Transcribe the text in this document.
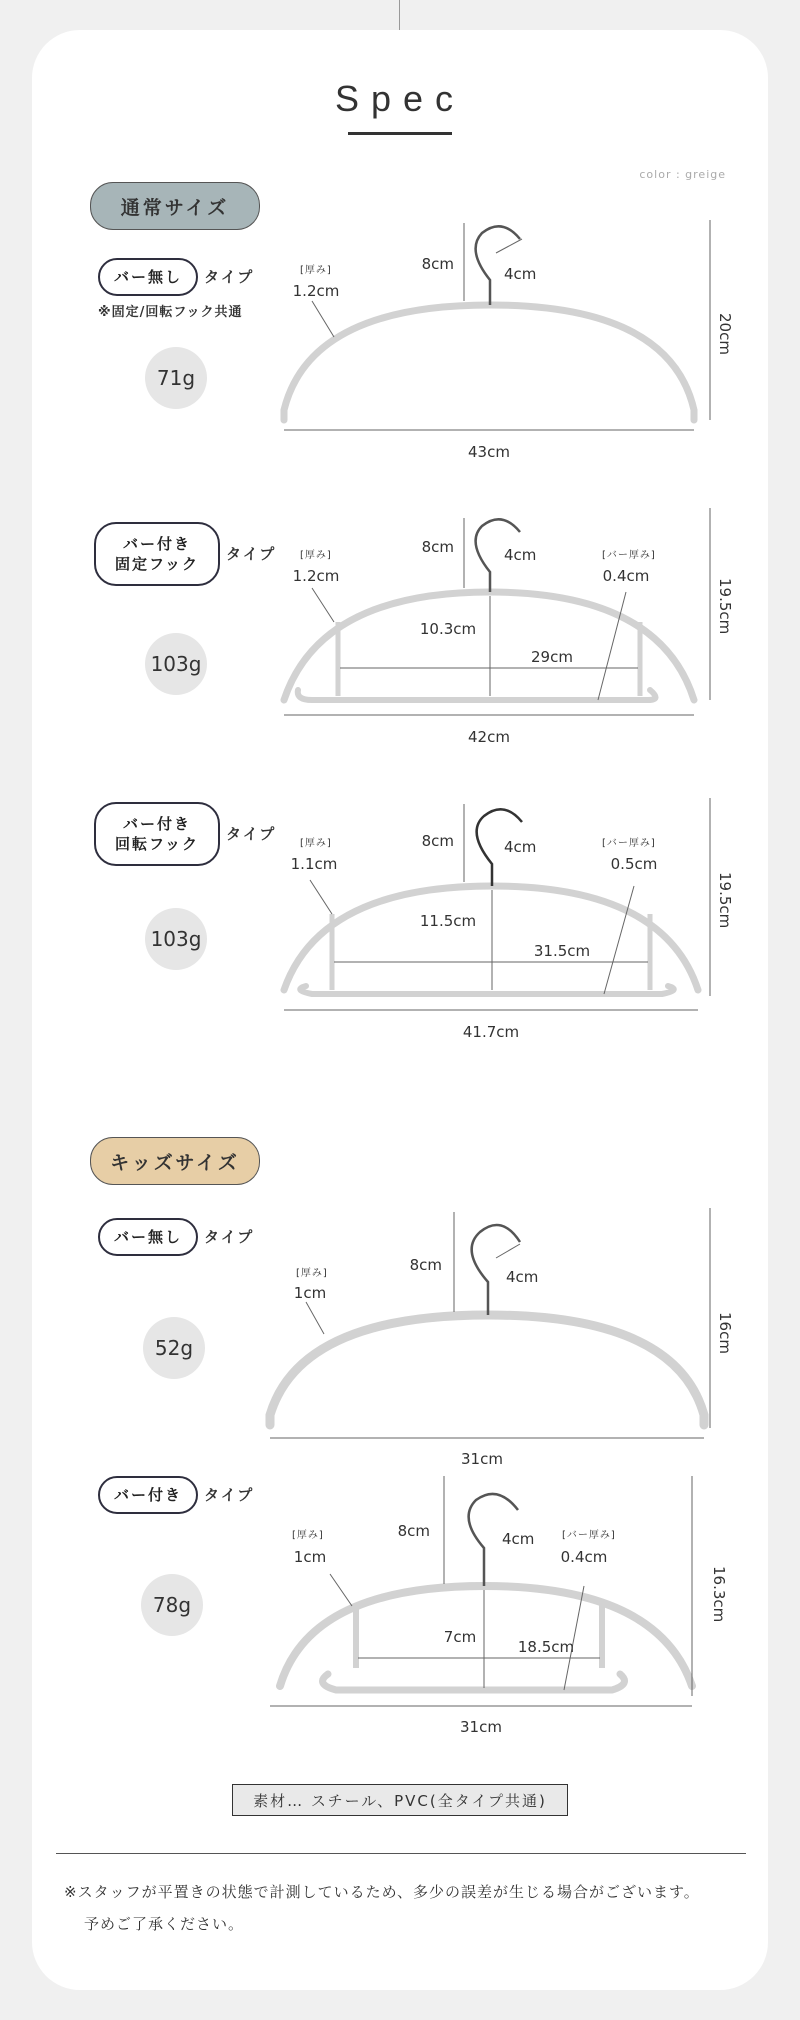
Spec
color : greige
通常サイズ
バー無し	タイプ
※固定/回転フック共通
71g
[厚み]
1.2cm
8cm
4cm
20cm
43cm
バー付き
固定フック
タイプ
103g
[厚み]
1.2cm
8cm	4cm	[バー厚み]
0.4cm
10.3cm
29cm
19.5cm
42cm
バー付き
回転フック
タイプ
103g
[厚み]
1.1cm
8cm	4cm	[バー厚み]
0.5cm
11.5cm
31.5cm
19.5cm
41.7cm
キッズサイズ
バー無し	タイプ
52g
[厚み]
1cm
8cm
4cm
16cm
31cm
バー付き	タイプ
78g
[厚み]
1cm
8cm	4cm	[バー厚み]
0.4cm
7cm
18.5cm
16.3cm
31cm
素材… スチール、PVC(全タイプ共通)
※スタッフが平置きの状態で計測しているため、多少の誤差が生じる場合がございます。
予めご了承ください。
